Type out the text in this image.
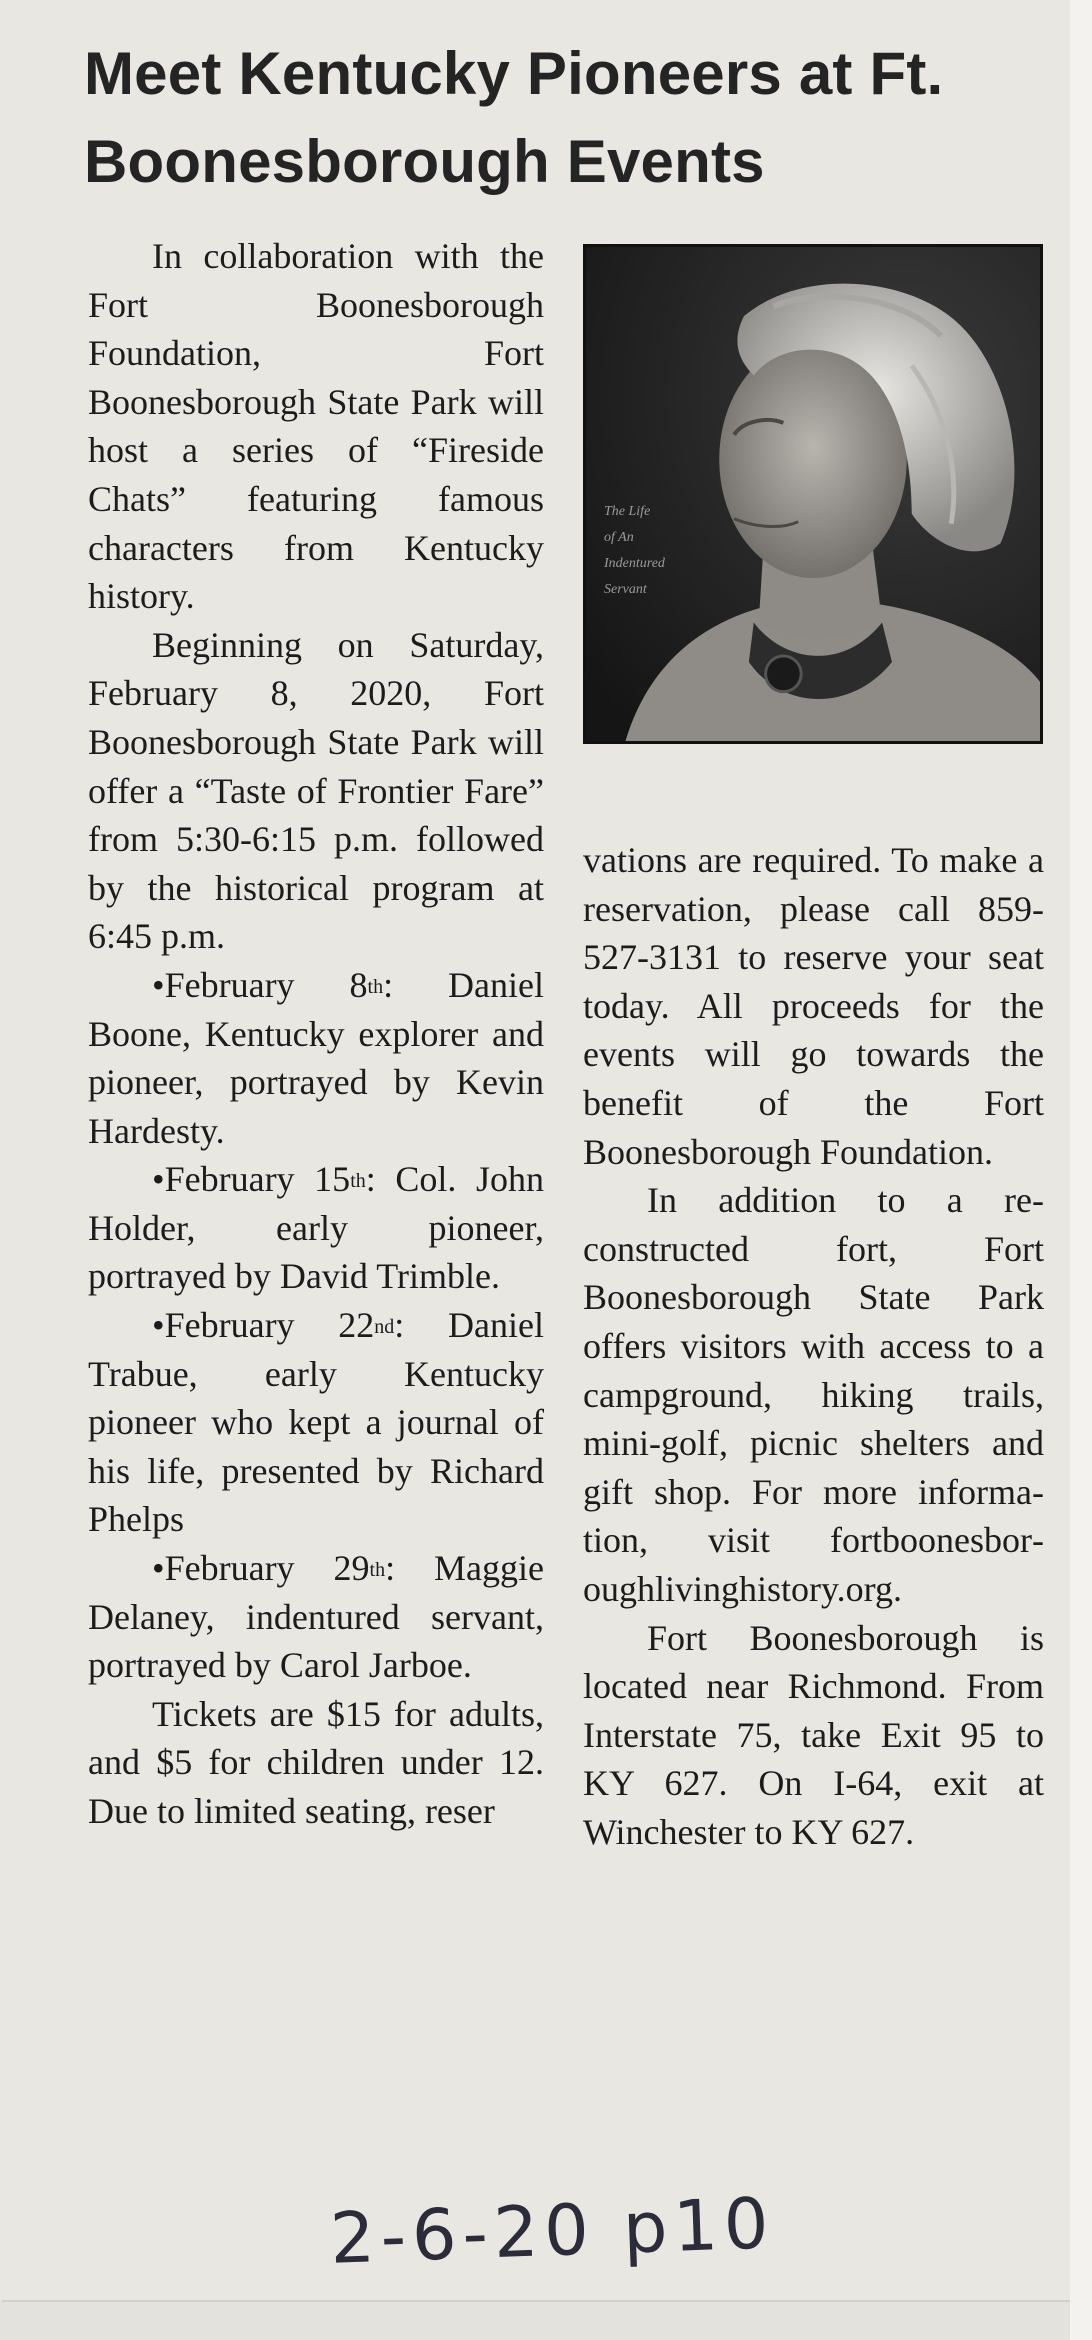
Meet Kentucky Pioneers at Ft. Boonesborough Events
The Life
of An
Indentured
Servant

In collaboration with the Fort Boonesborough Foundation, Fort Boonesborough State Park will host a series of “Fireside Chats” featuring famous characters from Kentucky history.

Beginning on Saturday, February 8, 2020, Fort Boonesborough State Park will offer a “Taste of Frontier Fare” from 5:30-6:15 p.m. followed by the historical program at 6:45 p.m.

•February 8th: Daniel Boone, Kentucky explorer and pioneer, portrayed by Kevin Hardesty.

•February 15th: Col. John Holder, early pioneer, portrayed by David Trimble.

•February 22nd: Daniel Trabue, early Kentucky pioneer who kept a journal of his life, presented by Richard Phelps

•February 29th: Maggie Delaney, indentured servant, portrayed by Carol Jarboe.

Tickets are $15 for adults, and $5 for children under 12. Due to limited seating, reser

vations are required. To make a reservation, please call 859-527-3131 to reserve your seat today. All proceeds for the events will go towards the benefit of the Fort Boonesborough Foundation.

In addition to a reconstructed fort, Fort Boonesborough State Park offers visitors with access to a campground, hiking trails, mini-golf, picnic shelters and gift shop. For more information, visit fortboonesboroughlivinghistory.org.

Fort Boonesborough is located near Richmond. From Interstate 75, take Exit 95 to KY 627. On I-64, exit at Winchester to KY 627.

2-6-20 p10
